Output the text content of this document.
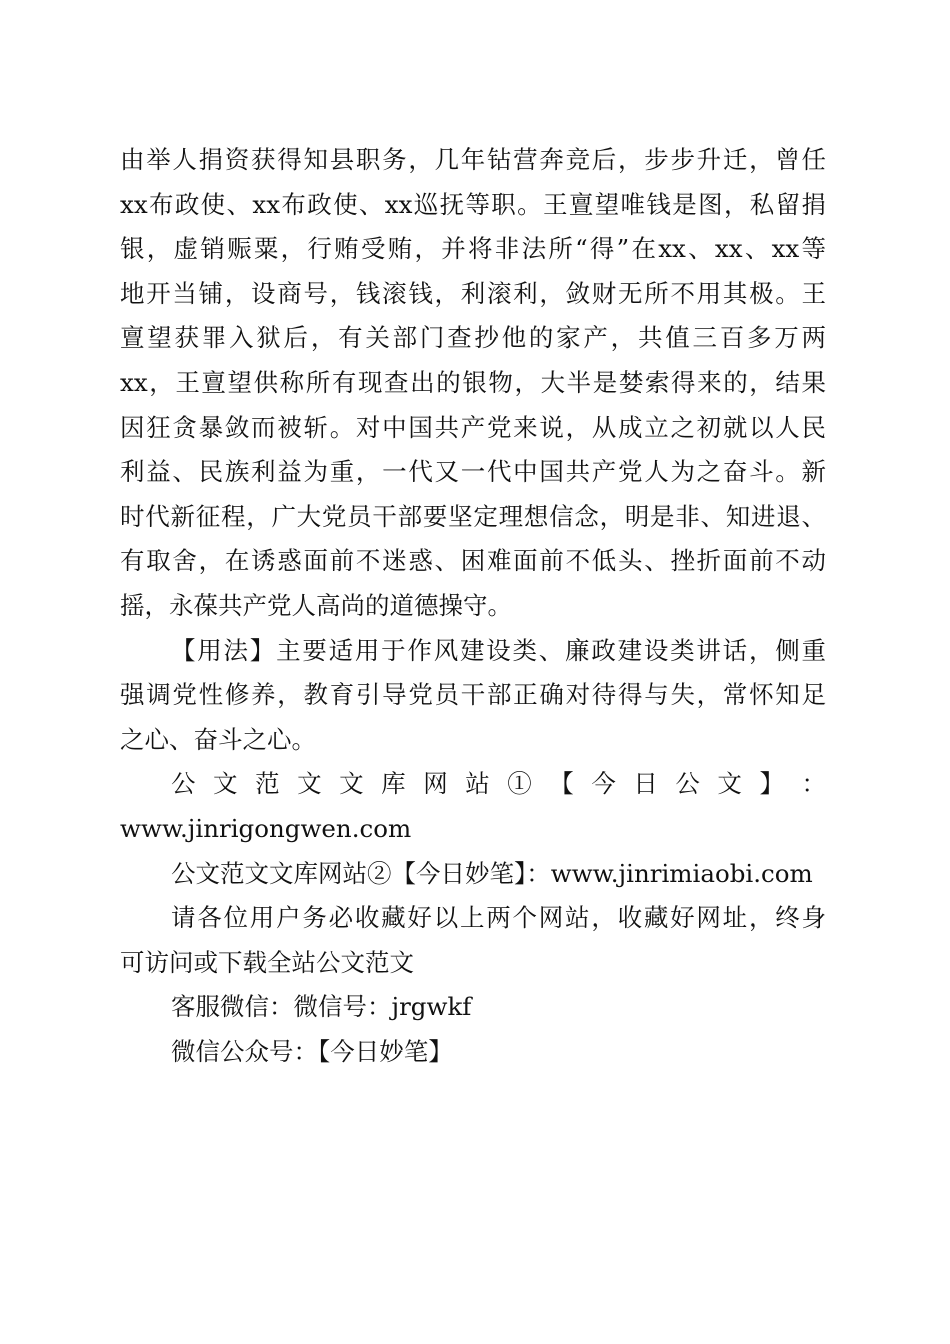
由举人捐资获得知县职务，几年钻营奔竞后，步步升迁，曾任
xx布政使、xx布政使、xx巡抚等职。王亶望唯钱是图，私留捐
银，虚销赈粟，行贿受贿，并将非法所“得”在xx、xx、xx等
地开当铺，设商号，钱滚钱，利滚利，敛财无所不用其极。王
亶望获罪入狱后，有关部门查抄他的家产，共值三百多万两
xx，王亶望供称所有现查出的银物，大半是婪索得来的，结果
因狂贪暴敛而被斩。对中国共产党来说，从成立之初就以人民
利益、民族利益为重，一代又一代中国共产党人为之奋斗。新
时代新征程，广大党员干部要坚定理想信念，明是非、知进退、
有取舍，在诱惑面前不迷惑、困难面前不低头、挫折面前不动
摇，永葆共产党人高尚的道德操守。
【用法】主要适用于作风建设类、廉政建设类讲话，侧重
强调党性修养，教育引导党员干部正确对待得与失，常怀知足
之心、奋斗之心。
公 文 范 文 文 库 网 站 ① 【 今 日 公 文 】 ：
www.jinrigongwen.com
公文范文文库网站②【今日妙笔】：www.jinrimiaobi.com
请各位用户务必收藏好以上两个网站，收藏好网址，终身
可访问或下载全站公文范文
客服微信：微信号：jrgwkf
微信公众号：【今日妙笔】
